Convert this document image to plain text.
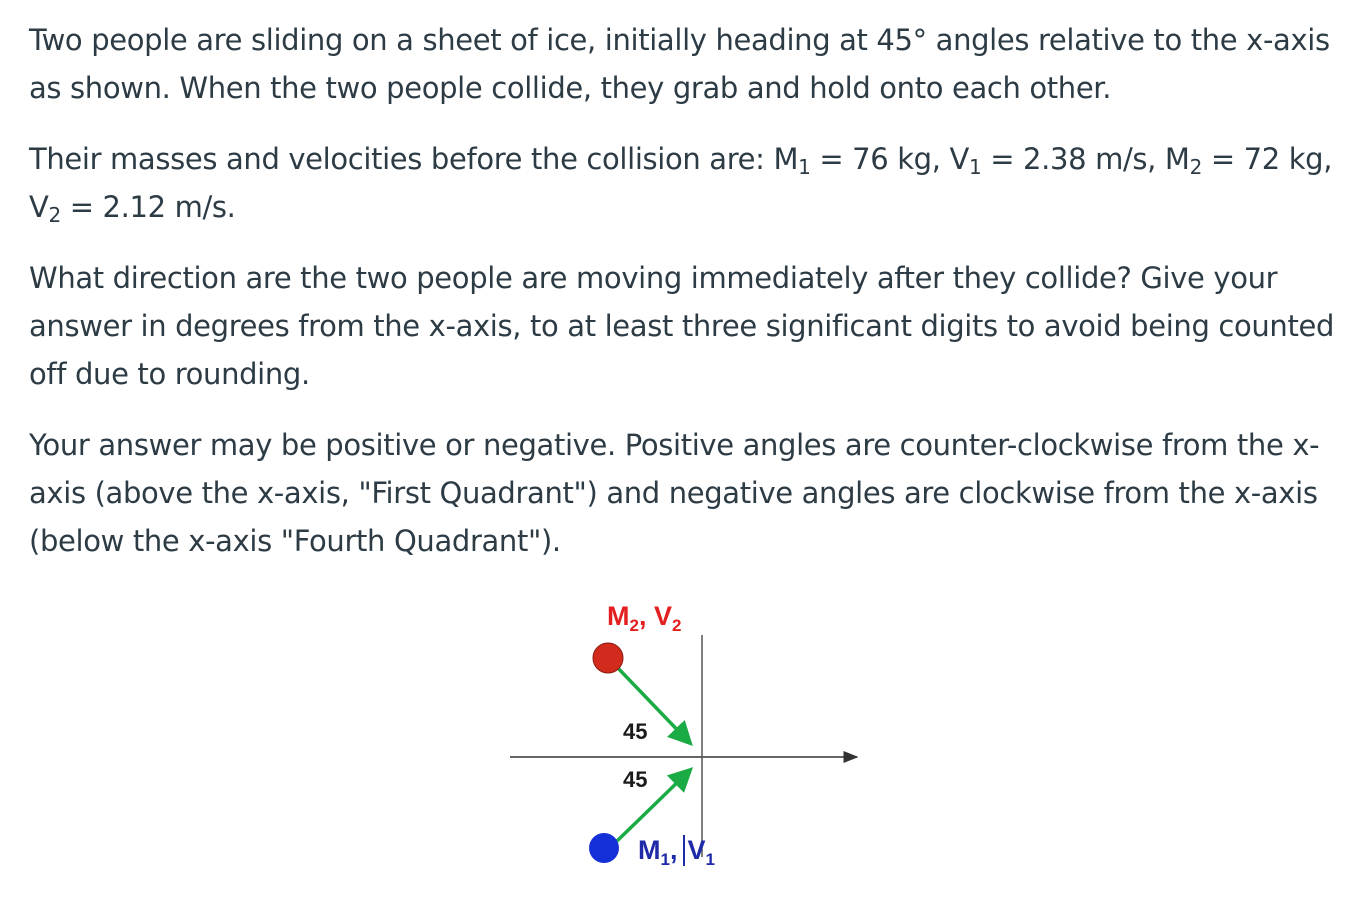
Two people are sliding on a sheet of ice, initially heading at 45° angles relative to the x-axis as shown. When the two people collide, they grab and hold onto each other.

Their masses and velocities before the collision are: $M_1 = 76$ kg, $V_1 = 2.38$ m/s, $M_2 = 72$ kg, $V_2 = 2.12$ m/s.

What direction are the two people are moving immediately after they collide? Give your answer in degrees from the x-axis, to at least three significant digits to avoid being counted off due to rounding.

Your answer may be positive or negative. Positive angles are counter-clockwise from the x-axis (above the x-axis, "First Quadrant") and negative angles are clockwise from the x-axis (below the x-axis "Fourth Quadrant").

$M_2$, $V_2$
45
45
$M_1$, $V_1$
